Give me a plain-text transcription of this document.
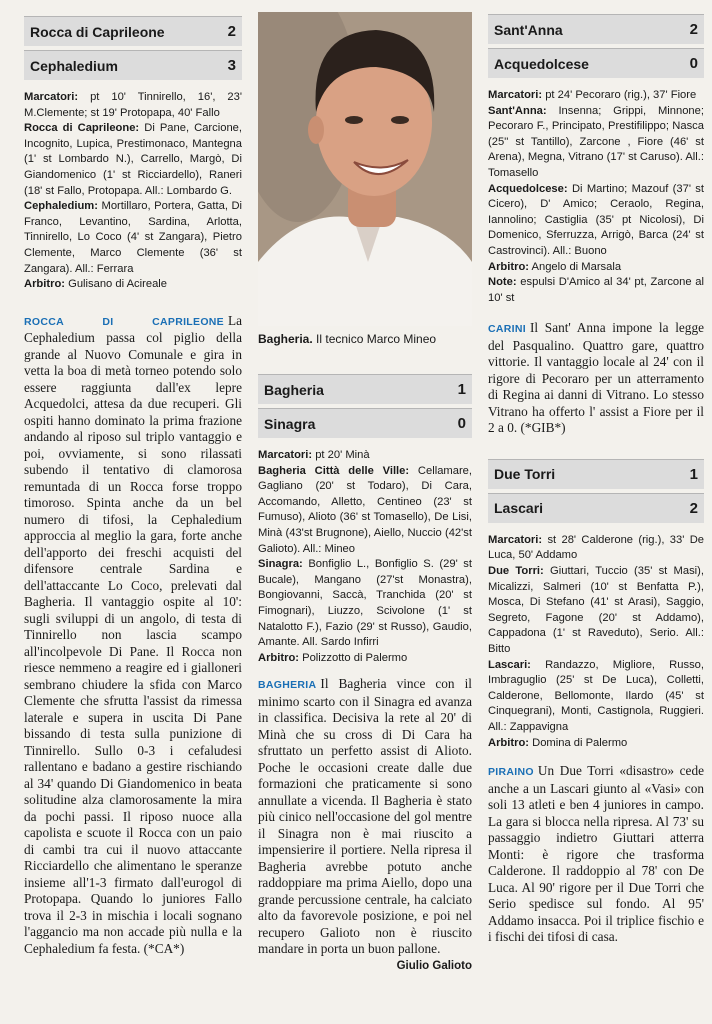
Rocca di Caprileone	2
Cephaledium	3

Marcatori: pt 10' Tinnirello, 16', 23' M.Clemente; st 19' Protopapa, 40' Fallo

Rocca di Caprileone: Di Pane, Carcione, Incognito, Lupica, Prestimonaco, Mantegna (1' st Lombardo N.), Carrello, Margò, Di Giandomenico (1' st Ricciardello), Raneri (18' st Fallo, Protopapa. All.: Lombardo G.

Cephaledium: Mortillaro, Portera, Gatta, Di Franco, Levantino, Sardina, Arlotta, Tinnirello, Lo Coco (4' st Zangara), Pietro Clemente, Marco Clemente (36' st Zangara). All.: Ferrara

Arbitro: Gulisano di Acireale

ROCCA DI CAPRILEONE La Cephaledium passa col piglio della grande al Nuovo Comunale e gira in vetta la boa di metà torneo potendo solo essere raggiunta dall'ex lepre Acquedolci, attesa da due recuperi. Gli ospiti hanno dominato la prima frazione andando al riposo sul triplo vantaggio e poi, ovviamente, si sono rilassati subendo il tentativo di clamorosa remuntada di un Rocca forse troppo timoroso. Spinta anche da un bel numero di tifosi, la Cephaledium approccia al meglio la gara, forte anche dell'apporto dei freschi acquisti del difensore centrale Sardina e dell'attaccante Lo Coco, prelevati dal Bagheria. Il vantaggio ospite al 10': sugli sviluppi di un angolo, di testa di Tinnirello non lascia scampo all'incolpevole Di Pane. Il Rocca non riesce nemmeno a reagire ed i gialloneri sembrano chiudere la sfida con Marco Clemente che sfrutta l'assist da rimessa laterale e supera in uscita Di Pane bissando di testa sulla punizione di Tinnirello. Sullo 0-3 i cefaludesi rallentano e badano a gestire rischiando al 34' quando Di Giandomenico in beata solitudine alza clamorosamente la mira da pochi passi. Il riposo nuoce alla capolista e scuote il Rocca con un paio di cambi tra cui il nuovo attaccante Ricciardello che alimentano le speranze insieme all'1-3 firmato dall'eurogol di Protopapa. Quando lo juniores Fallo trova il 2-3 in mischia i locali sognano l'aggancio ma non accade più nulla e la Cephaledium fa festa. (*CA*)
Bagheria. Il tecnico Marco Mineo
Bagheria	1
Sinagra	0

Marcatori: pt 20' Minà

Bagheria Città delle Ville: Cellamare, Gagliano (20' st Todaro), Di Cara, Accomando, Alletto, Centineo (23' st Fumuso), Alioto (36' st Tomasello), De Lisi, Minà (43'st Brugnone), Aiello, Nuccio (42'st Galioto). All.: Mineo

Sinagra: Bonfiglio L., Bonfiglio S. (29' st Bucale), Mangano (27'st Monastra), Bongiovanni, Saccà, Tranchida (20' st Fimognari), Liuzzo, Scivolone (1' st Natalotto F.), Fazio (29' st Russo), Gaudio, Amante. All. Sardo Infirri

Arbitro: Polizzotto di Palermo

BAGHERIA Il Bagheria vince con il minimo scarto con il Sinagra ed avanza in classifica. Decisiva la rete al 20' di Minà che su cross di Di Cara ha sfruttato un perfetto assist di Alioto. Poche le occasioni create dalle due formazioni che praticamente si sono annullate a vicenda. Il Bagheria è stato più cinico nell'occasione del gol mentre il Sinagra non è mai riuscito a impensierire il portiere. Nella ripresa il Bagheria avrebbe potuto anche raddoppiare ma prima Aiello, dopo una grande percussione centrale, ha calciato alto da favorevole posizione, e poi nel recupero Galioto non è riuscito mandare in porta un buon pallone.
Giulio Galioto
Sant'Anna	2
Acquedolcese	0

Marcatori: pt 24' Pecoraro (rig.), 37' Fiore

Sant'Anna: Insenna; Grippi, Minnone; Pecoraro F., Principato, Prestifilippo; Nasca (25'' st Tantillo), Zarcone , Fiore (46' st Arena), Megna, Vitrano (17' st Caruso). All.: Tomasello

Acquedolcese: Di Martino; Mazouf (37' st Cicero), D' Amico; Ceraolo, Regina, Iannolino; Castiglia (35' pt Nicolosi), Di Domenico, Sferruzza, Arrigò, Barca (24' st Castrovinci). All.: Buono

Arbitro: Angelo di Marsala

Note: espulsi D'Amico al 34' pt, Zarcone al 10' st

CARINI Il Sant' Anna impone la legge del Pasqualino. Quattro gare, quattro vittorie. Il vantaggio locale al 24' con il rigore di Pecoraro per un atterramento di Regina ai danni di Vitrano. Lo stesso Vitrano ha offerto l' assist a Fiore per il 2 a 0. (*GIB*)
Due Torri	1
Lascari	2

Marcatori: st 28' Calderone (rig.), 33' De Luca, 50' Addamo

Due Torri: Giuttari, Tuccio (35' st Masi), Micalizzi, Salmeri (10' st Benfatta P.), Mosca, Di Stefano (41' st Arasi), Saggio, Segreto, Fagone (20' st Addamo), Cappadona (1' st Raveduto), Serio. All.: Bitto

Lascari: Randazzo, Migliore, Russo, Imbraguglio (25' st De Luca), Colletti, Calderone, Bellomonte, Ilardo (45' st Cinquegrani), Monti, Castignola, Ruggieri. All.: Zappavigna

Arbitro: Domina di Palermo

PIRAINO Un Due Torri «disastro» cede anche a un Lascari giunto al «Vasi» con soli 13 atleti e ben 4 juniores in campo. La gara si blocca nella ripresa. Al 73' su passaggio indietro Giuttari atterra Monti: è rigore che trasforma Calderone. Il raddoppio al 78' con De Luca. Al 90' rigore per il Due Torri che Serio spedisce sul fondo. Al 95' Addamo insacca. Poi il triplice fischio e i fischi dei tifosi di casa.
